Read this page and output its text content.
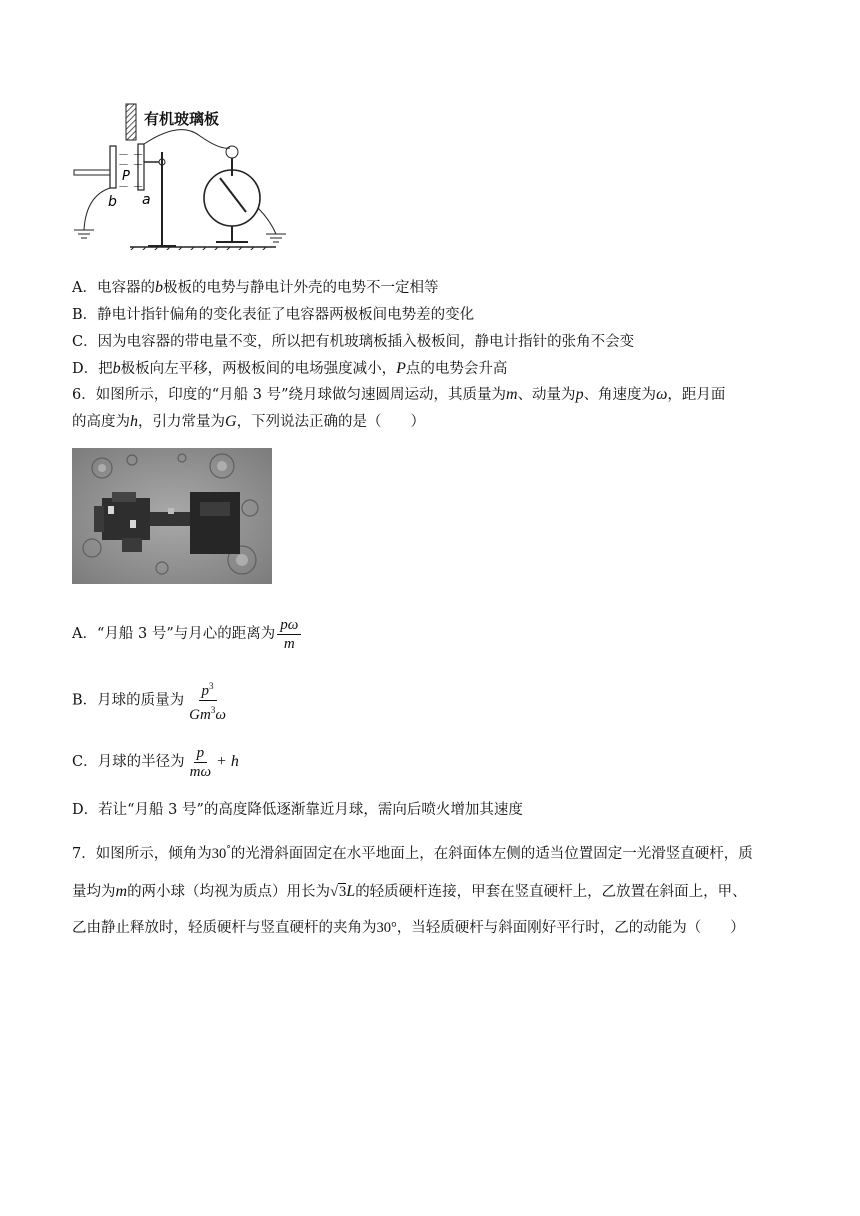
有机玻璃板
－ ＋
－ ＋
P
－ ＋
b a
A．电容器的b极板的电势与静电计外壳的电势不一定相等
B．静电计指针偏角的变化表征了电容器两极板间电势差的变化
C．因为电容器的带电量不变，所以把有机玻璃板插入极板间，静电计指针的张角不会变
D．把b极板向左平移，两极板间的电场强度减小，P点的电势会升高
6．如图所示，印度的“月船 3 号”绕月球做匀速圆周运动，其质量为m、动量为p、角速度为ω，距月面
的高度为h，引力常量为G，下列说法正确的是（　　）
A．“月船 3 号”与月心的距离为 $\frac{p\omega}{m}$
B．月球的质量为 $\frac{p^3}{Gm^3\omega}$
C．月球的半径为 $\frac{p}{m\omega} + h$
D．若让“月船 3 号”的高度降低逐渐靠近月球，需向后喷火增加其速度
7．如图所示，倾角为30°的光滑斜面固定在水平地面上，在斜面体左侧的适当位置固定一光滑竖直硬杆，质
量均为m的两小球（均视为质点）用长为√3L的轻质硬杆连接，甲套在竖直硬杆上，乙放置在斜面上，甲、
乙由静止释放时，轻质硬杆与竖直硬杆的夹角为30°，当轻质硬杆与斜面刚好平行时，乙的动能为（　　）
